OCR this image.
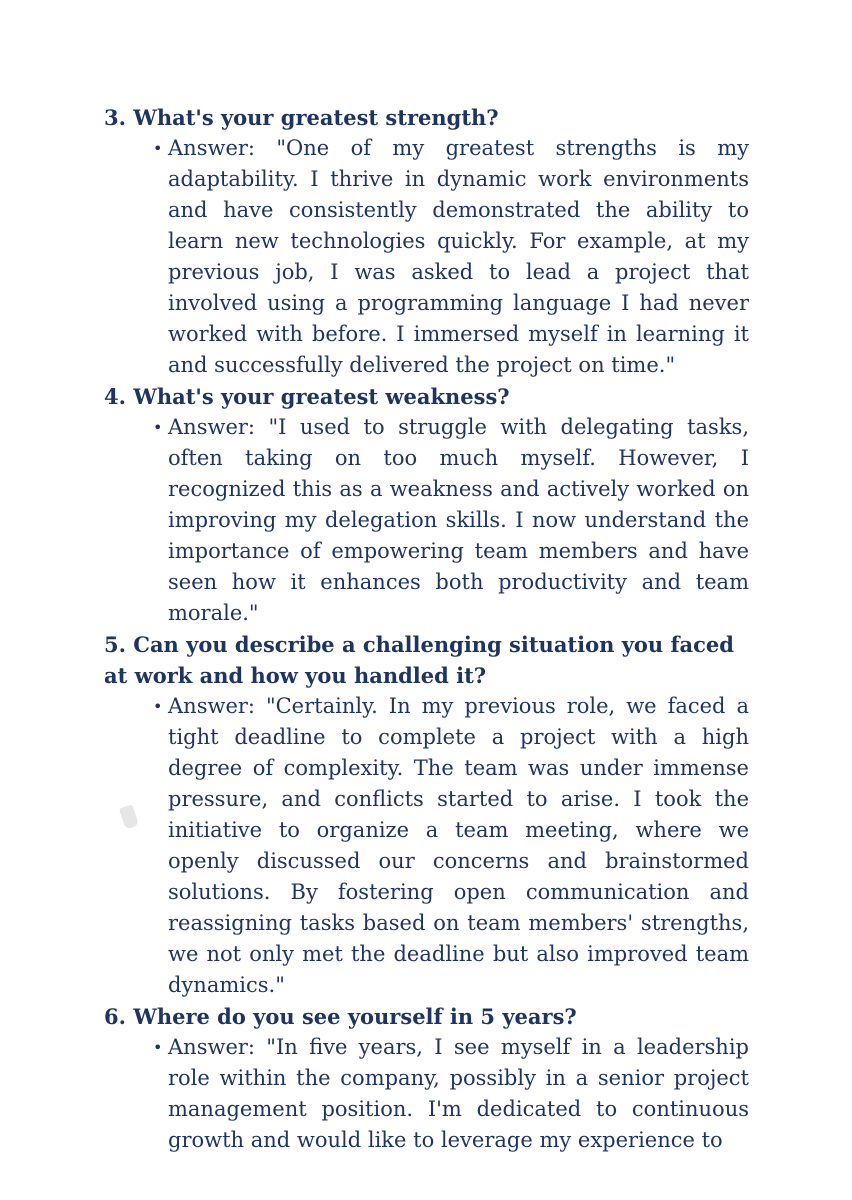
3. What's your greatest strength?

• Answer: "One of my greatest strengths is my adaptability. I thrive in dynamic work environments and have consistently demonstrated the ability to learn new technologies quickly. For example, at my previous job, I was asked to lead a project that involved using a programming language I had never worked with before. I immersed myself in learning it and successfully delivered the project on time."

4. What's your greatest weakness?

• Answer: "I used to struggle with delegating tasks, often taking on too much myself. However, I recognized this as a weakness and actively worked on improving my delegation skills. I now understand the importance of empowering team members and have seen how it enhances both productivity and team morale."

5. Can you describe a challenging situation you faced at work and how you handled it?

• Answer: "Certainly. In my previous role, we faced a tight deadline to complete a project with a high degree of complexity. The team was under immense pressure, and conflicts started to arise. I took the initiative to organize a team meeting, where we openly discussed our concerns and brainstormed solutions. By fostering open communication and reassigning tasks based on team members' strengths, we not only met the deadline but also improved team dynamics."

6. Where do you see yourself in 5 years?

• Answer: "In five years, I see myself in a leadership role within the company, possibly in a senior project management position. I'm dedicated to continuous growth and would like to leverage my experience to
